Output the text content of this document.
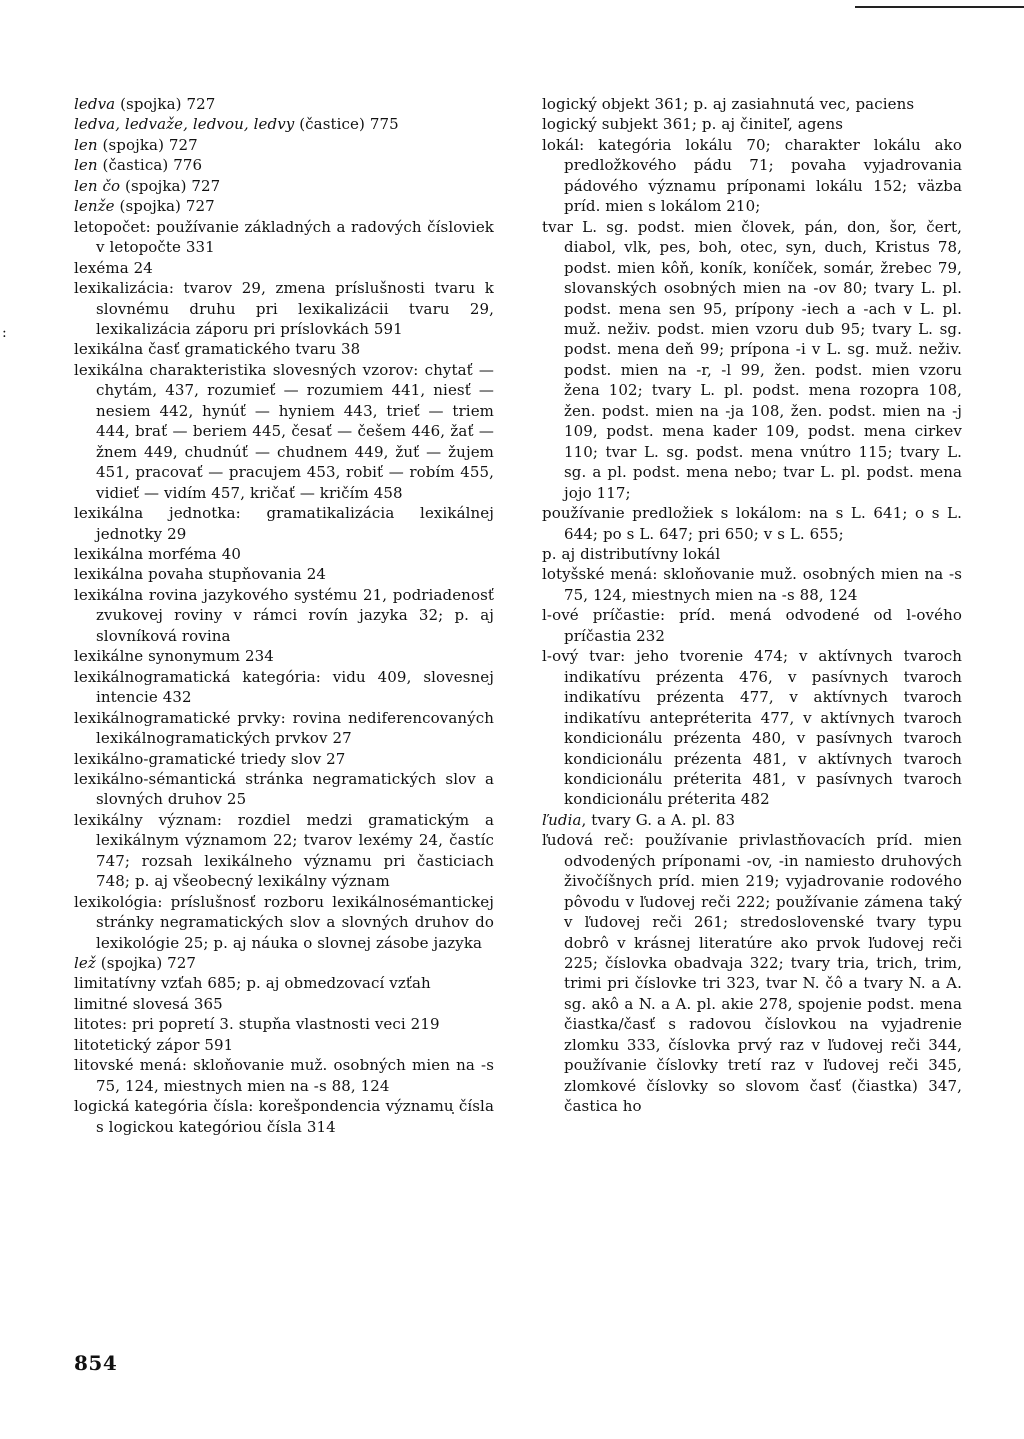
:

ledva (spojka) 727

ledva, ledvaže, ledvou, ledvy (častice) 775

len (spojka) 727

len (častica) 776

len čo (spojka) 727

lenže (spojka) 727

letopočet: používanie základných a radových čísloviek v letopočte 331

lexéma 24

lexikalizácia: tvarov 29, zmena príslušnosti tvaru k slovnému druhu pri lexikalizácii tvaru 29, lexikalizácia záporu pri príslovkách 591

lexikálna časť gramatického tvaru 38

lexikálna charakteristika slovesných vzorov: chytať — chytám, 437, rozumieť — rozumiem 441, niesť — nesiem 442, hynúť — hyniem 443, trieť — triem 444, brať — beriem 445, česať — češem 446, žať — žnem 449, chudnúť — chudnem 449, žuť — žujem 451, pracovať — pracujem 453, robiť — robím 455, vidieť — vidím 457, kričať — kričím 458

lexikálna jednotka: gramatikalizácia lexikálnej jednotky 29

lexikálna morféma 40

lexikálna povaha stupňovania 24

lexikálna rovina jazykového systému 21, podriadenosť zvukovej roviny v rámci rovín jazyka 32; p. aj slovníková rovina

lexikálne synonymum 234

lexikálnogramatická kategória: vidu 409, slovesnej intencie 432

lexikálnogramatické prvky: rovina nediferencovaných lexikálnogramatických prvkov 27

lexikálno-gramatické triedy slov 27

lexikálno-sémantická stránka negramatických slov a slovných druhov 25

lexikálny význam: rozdiel medzi gramatickým a lexikálnym významom 22; tvarov lexémy 24, častíc 747; rozsah lexikálneho významu pri časticiach 748; p. aj všeobecný lexikálny význam

lexikológia: príslušnosť rozboru lexikálnosémantickej stránky negramatických slov a slovných druhov do lexikológie 25; p. aj náuka o slovnej zásobe jazyka

lež (spojka) 727

limitatívny vzťah 685; p. aj obmedzovací vzťah

limitné slovesá 365

litotes: pri popretí 3. stupňa vlastnosti veci 219

litotetický zápor 591

litovské mená: skloňovanie muž. osobných mien na -s 75, 124, miestnych mien na -s 88, 124

logická kategória čísla: korešpondencia významu čísla s logickou kategóriou čísla 314

logický objekt 361; p. aj zasiahnutá vec, paciens

logický subjekt 361; p. aj činiteľ, agens

lokál: kategória lokálu 70; charakter lokálu ako predložkového pádu 71; povaha vyjadrovania pádového významu príponami lokálu 152; väzba príd. mien s lokálom 210;

tvar L. sg. podst. mien človek, pán, don, šor, čert, diabol, vlk, pes, boh, otec, syn, duch, Kristus 78, podst. mien kôň, koník, koníček, somár, žrebec 79, slovanských osobných mien na -ov 80; tvary L. pl. podst. mena sen 95, prípony -iech a -ach v L. pl. muž. neživ. podst. mien vzoru dub 95; tvary L. sg. podst. mena deň 99; prípona -i v L. sg. muž. neživ. podst. mien na -r, -l 99, žen. podst. mien vzoru žena 102; tvary L. pl. podst. mena rozopra 108, žen. podst. mien na -ja 108, žen. podst. mien na -j 109, podst. mena kader 109, podst. mena cirkev 110; tvar L. sg. podst. mena vnútro 115; tvary L. sg. a pl. podst. mena nebo; tvar L. pl. podst. mena jojo 117;

používanie predložiek s lokálom: na s L. 641; o s L. 644; po s L. 647; pri 650; v s L. 655;

p. aj distributívny lokál

lotyšské mená: skloňovanie muž. osobných mien na -s 75, 124, miestnych mien na -s 88, 124

l-ové príčastie: príd. mená odvodené od l-ového príčastia 232

l-ový tvar: jeho tvorenie 474; v aktívnych tvaroch indikatívu prézenta 476, v pasívnych tvaroch indikatívu prézenta 477, v aktívnych tvaroch indikatívu antepréterita 477, v aktívnych tvaroch kondicionálu prézenta 480, v pasívnych tvaroch kondicionálu prézenta 481, v aktívnych tvaroch kondicionálu préterita 481, v pasívnych tvaroch kondicionálu préterita 482

ľudia, tvary G. a A. pl. 83

ľudová reč: používanie privlastňovacích príd. mien odvodených príponami -ov, -in namiesto druhových živočíšnych príd. mien 219; vyjadrovanie rodového pôvodu v ľudovej reči 222; používanie zámena taký v ľudovej reči 261; stredoslovenské tvary typu dobrô v krásnej literatúre ako prvok ľudovej reči 225; číslovka obadvaja 322; tvary tria, trich, trim, trimi pri číslovke tri 323, tvar N. čô a tvary N. a A. sg. akô a N. a A. pl. akie 278, spojenie podst. mena čiastka/časť s radovou číslovkou na vyjadrenie zlomku 333, číslovka prvý raz v ľudovej reči 344, používanie číslovky tretí raz v ľudovej reči 345, zlomkové číslovky so slovom časť (čiastka) 347, častica ho

854
